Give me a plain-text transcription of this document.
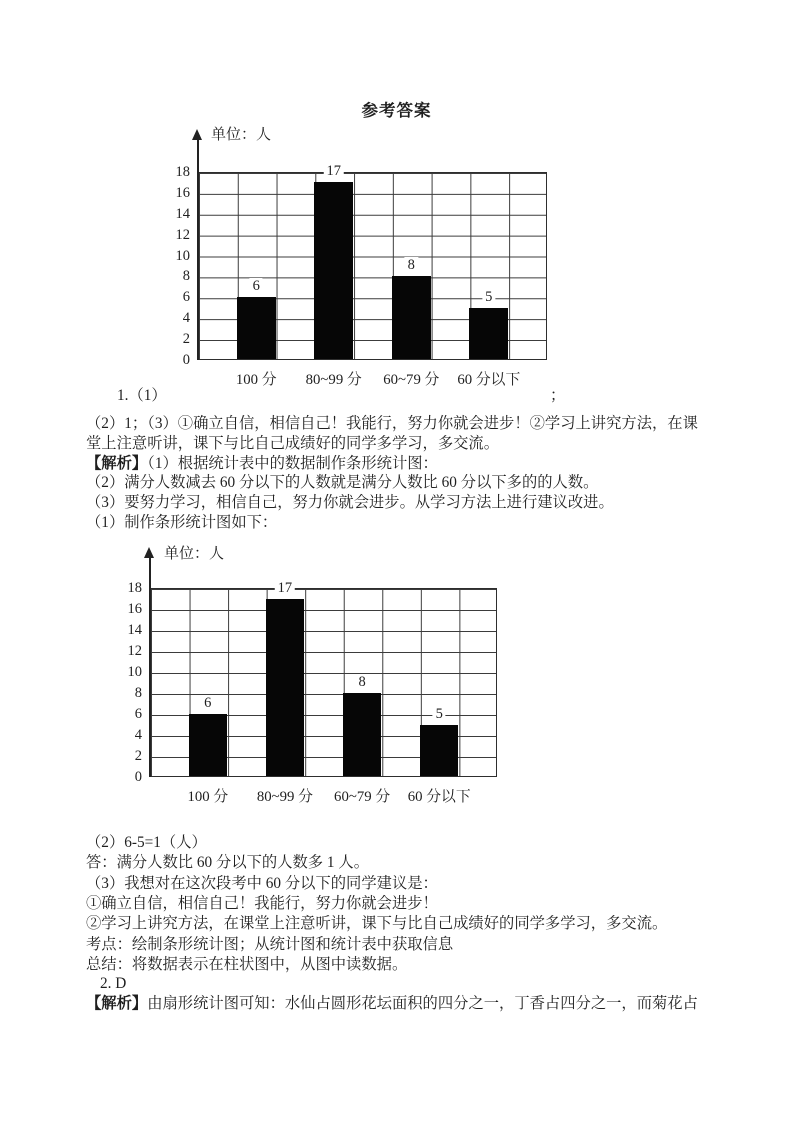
参考答案
单位：人
0
2
4
6
8
10
12
14
16
18
6
100 分
17
80~99 分
8
60~79 分
5
60 分以下
单位：人
0
2
4
6
8
10
12
14
16
18
6
100 分
17
80~99 分
8
60~79 分
5
60 分以下
1.（1）	；
（2）1；（3）①确立自信，相信自己！我能行，努力你就会进步！②学习上讲究方法，在课
堂上注意听讲，课下与比自己成绩好的同学多学习，多交流。
【解析】（1）根据统计表中的数据制作条形统计图：
（2）满分人数减去 60 分以下的人数就是满分人数比 60 分以下多的的人数。
（3）要努力学习，相信自己，努力你就会进步。从学习方法上进行建议改进。
（1）制作条形统计图如下：
（2）6-5=1（人）
答：满分人数比 60 分以下的人数多 1 人。
（3）我想对在这次段考中 60 分以下的同学建议是：
①确立自信，相信自己！我能行，努力你就会进步！
②学习上讲究方法，在课堂上注意听讲，课下与比自己成绩好的同学多学习，多交流。
考点：绘制条形统计图；从统计图和统计表中获取信息
总结：将数据表示在柱状图中，从图中读数据。
2. D
【解析】由扇形统计图可知：水仙占圆形花坛面积的四分之一，丁香占四分之一，而菊花占
